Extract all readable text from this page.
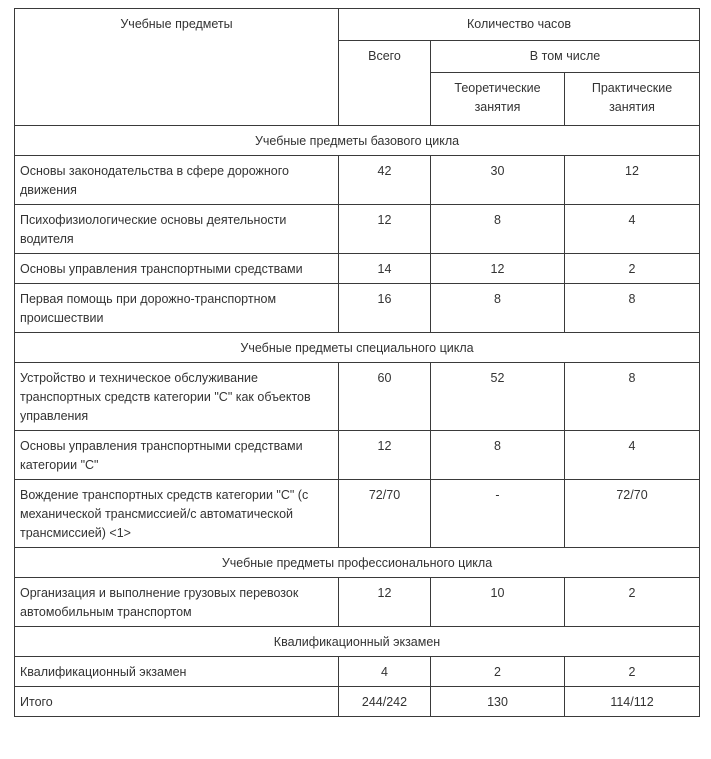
Учебные предметы	Количество часов		
	Всего	В том числе	
		Теоретические занятия	Практические занятия
Учебные предметы базового цикла			
Основы законодательства в сфере дорожного движения	42	30	12
Психофизиологические основы деятельности водителя	12	8	4
Основы управления транспортными средствами	14	12	2
Первая помощь при дорожно-транспортном происшествии	16	8	8
Учебные предметы специального цикла			
Устройство и техническое обслуживание транспортных средств категории "C" как объектов управления	60	52	8
Основы управления транспортными средствами категории "C"	12	8	4
Вождение транспортных средств категории "C" (с механической трансмиссией/с автоматической трансмиссией) <1>	72/70	-	72/70
Учебные предметы профессионального цикла			
Организация и выполнение грузовых перевозок автомобильным транспортом	12	10	2
Квалификационный экзамен			
Квалификационный экзамен	4	2	2
Итого	244/242	130	114/112
